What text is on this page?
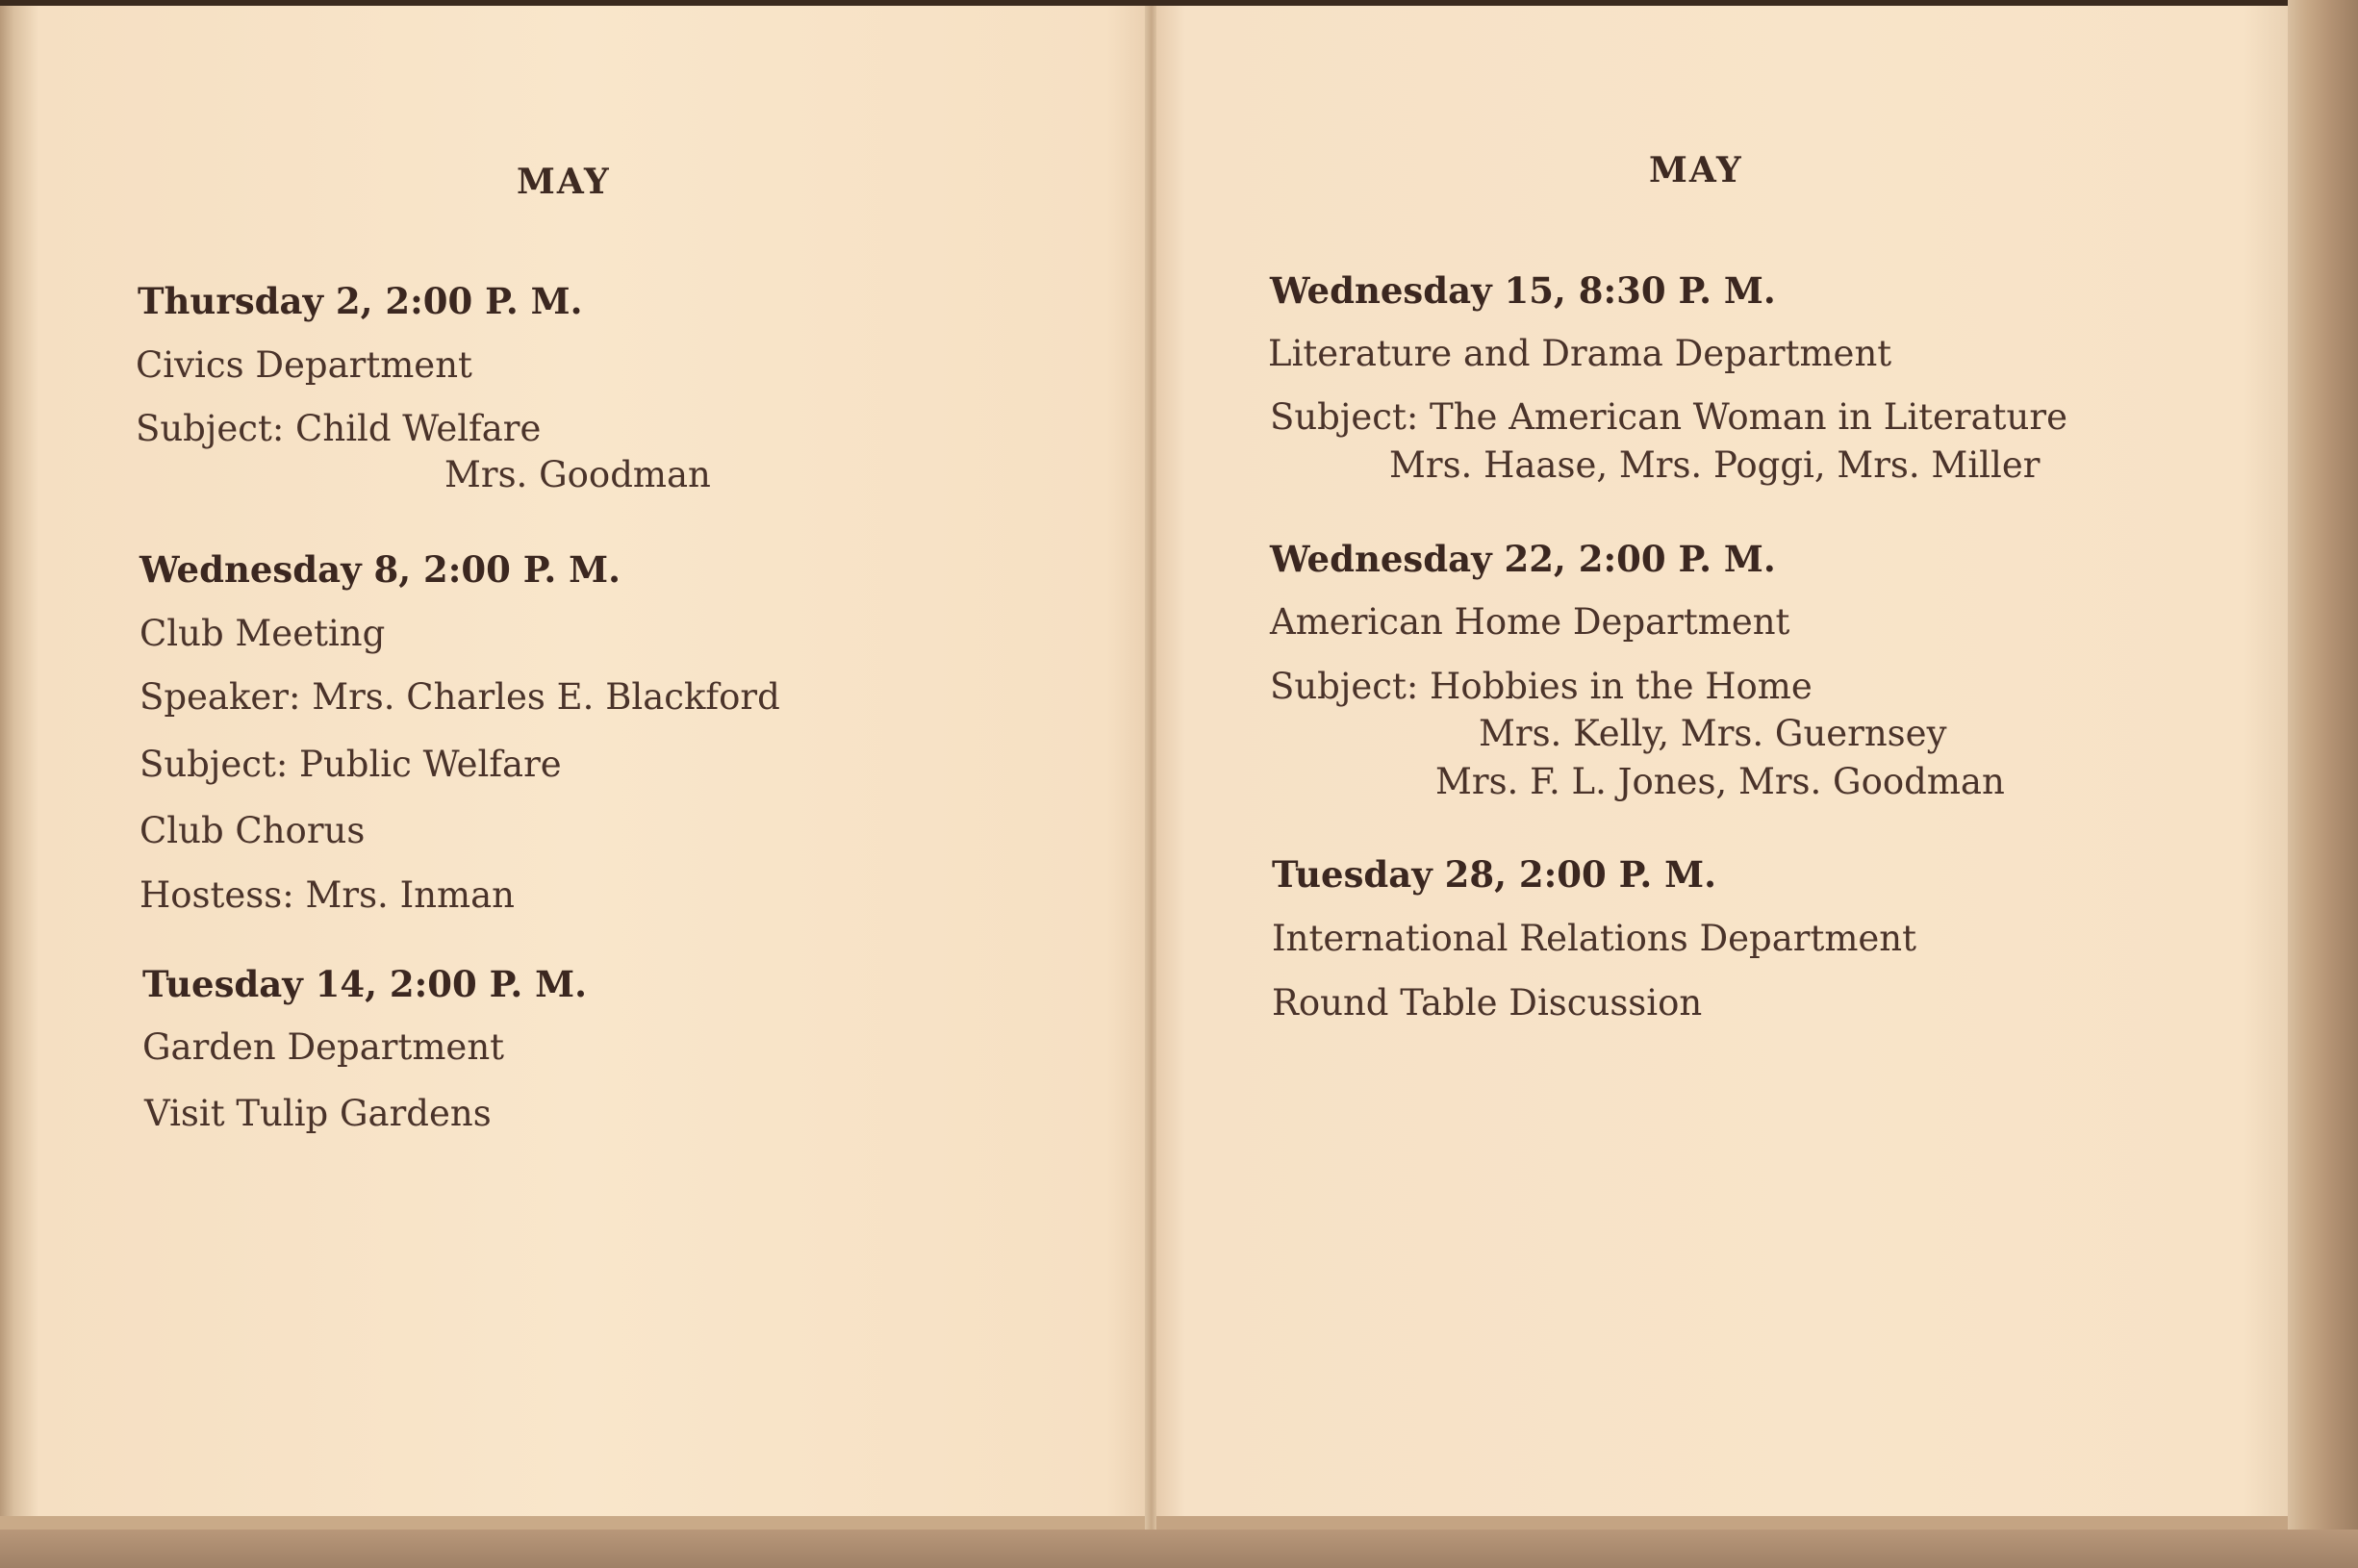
MAY
Thursday 2, 2:00 P. M.
Civics Department
Subject: Child Welfare
Mrs. Goodman
Wednesday 8, 2:00 P. M.
Club Meeting
Speaker: Mrs. Charles E. Blackford
Subject: Public Welfare
Club Chorus
Hostess: Mrs. Inman
Tuesday 14, 2:00 P. M.
Garden Department
Visit Tulip Gardens
MAY
Wednesday 15, 8:30 P. M.
Literature and Drama Department
Subject: The American Woman in Literature
Mrs. Haase, Mrs. Poggi, Mrs. Miller
Wednesday 22, 2:00 P. M.
American Home Department
Subject: Hobbies in the Home
Mrs. Kelly, Mrs. Guernsey
Mrs. F. L. Jones, Mrs. Goodman
Tuesday 28, 2:00 P. M.
International Relations Department
Round Table Discussion
